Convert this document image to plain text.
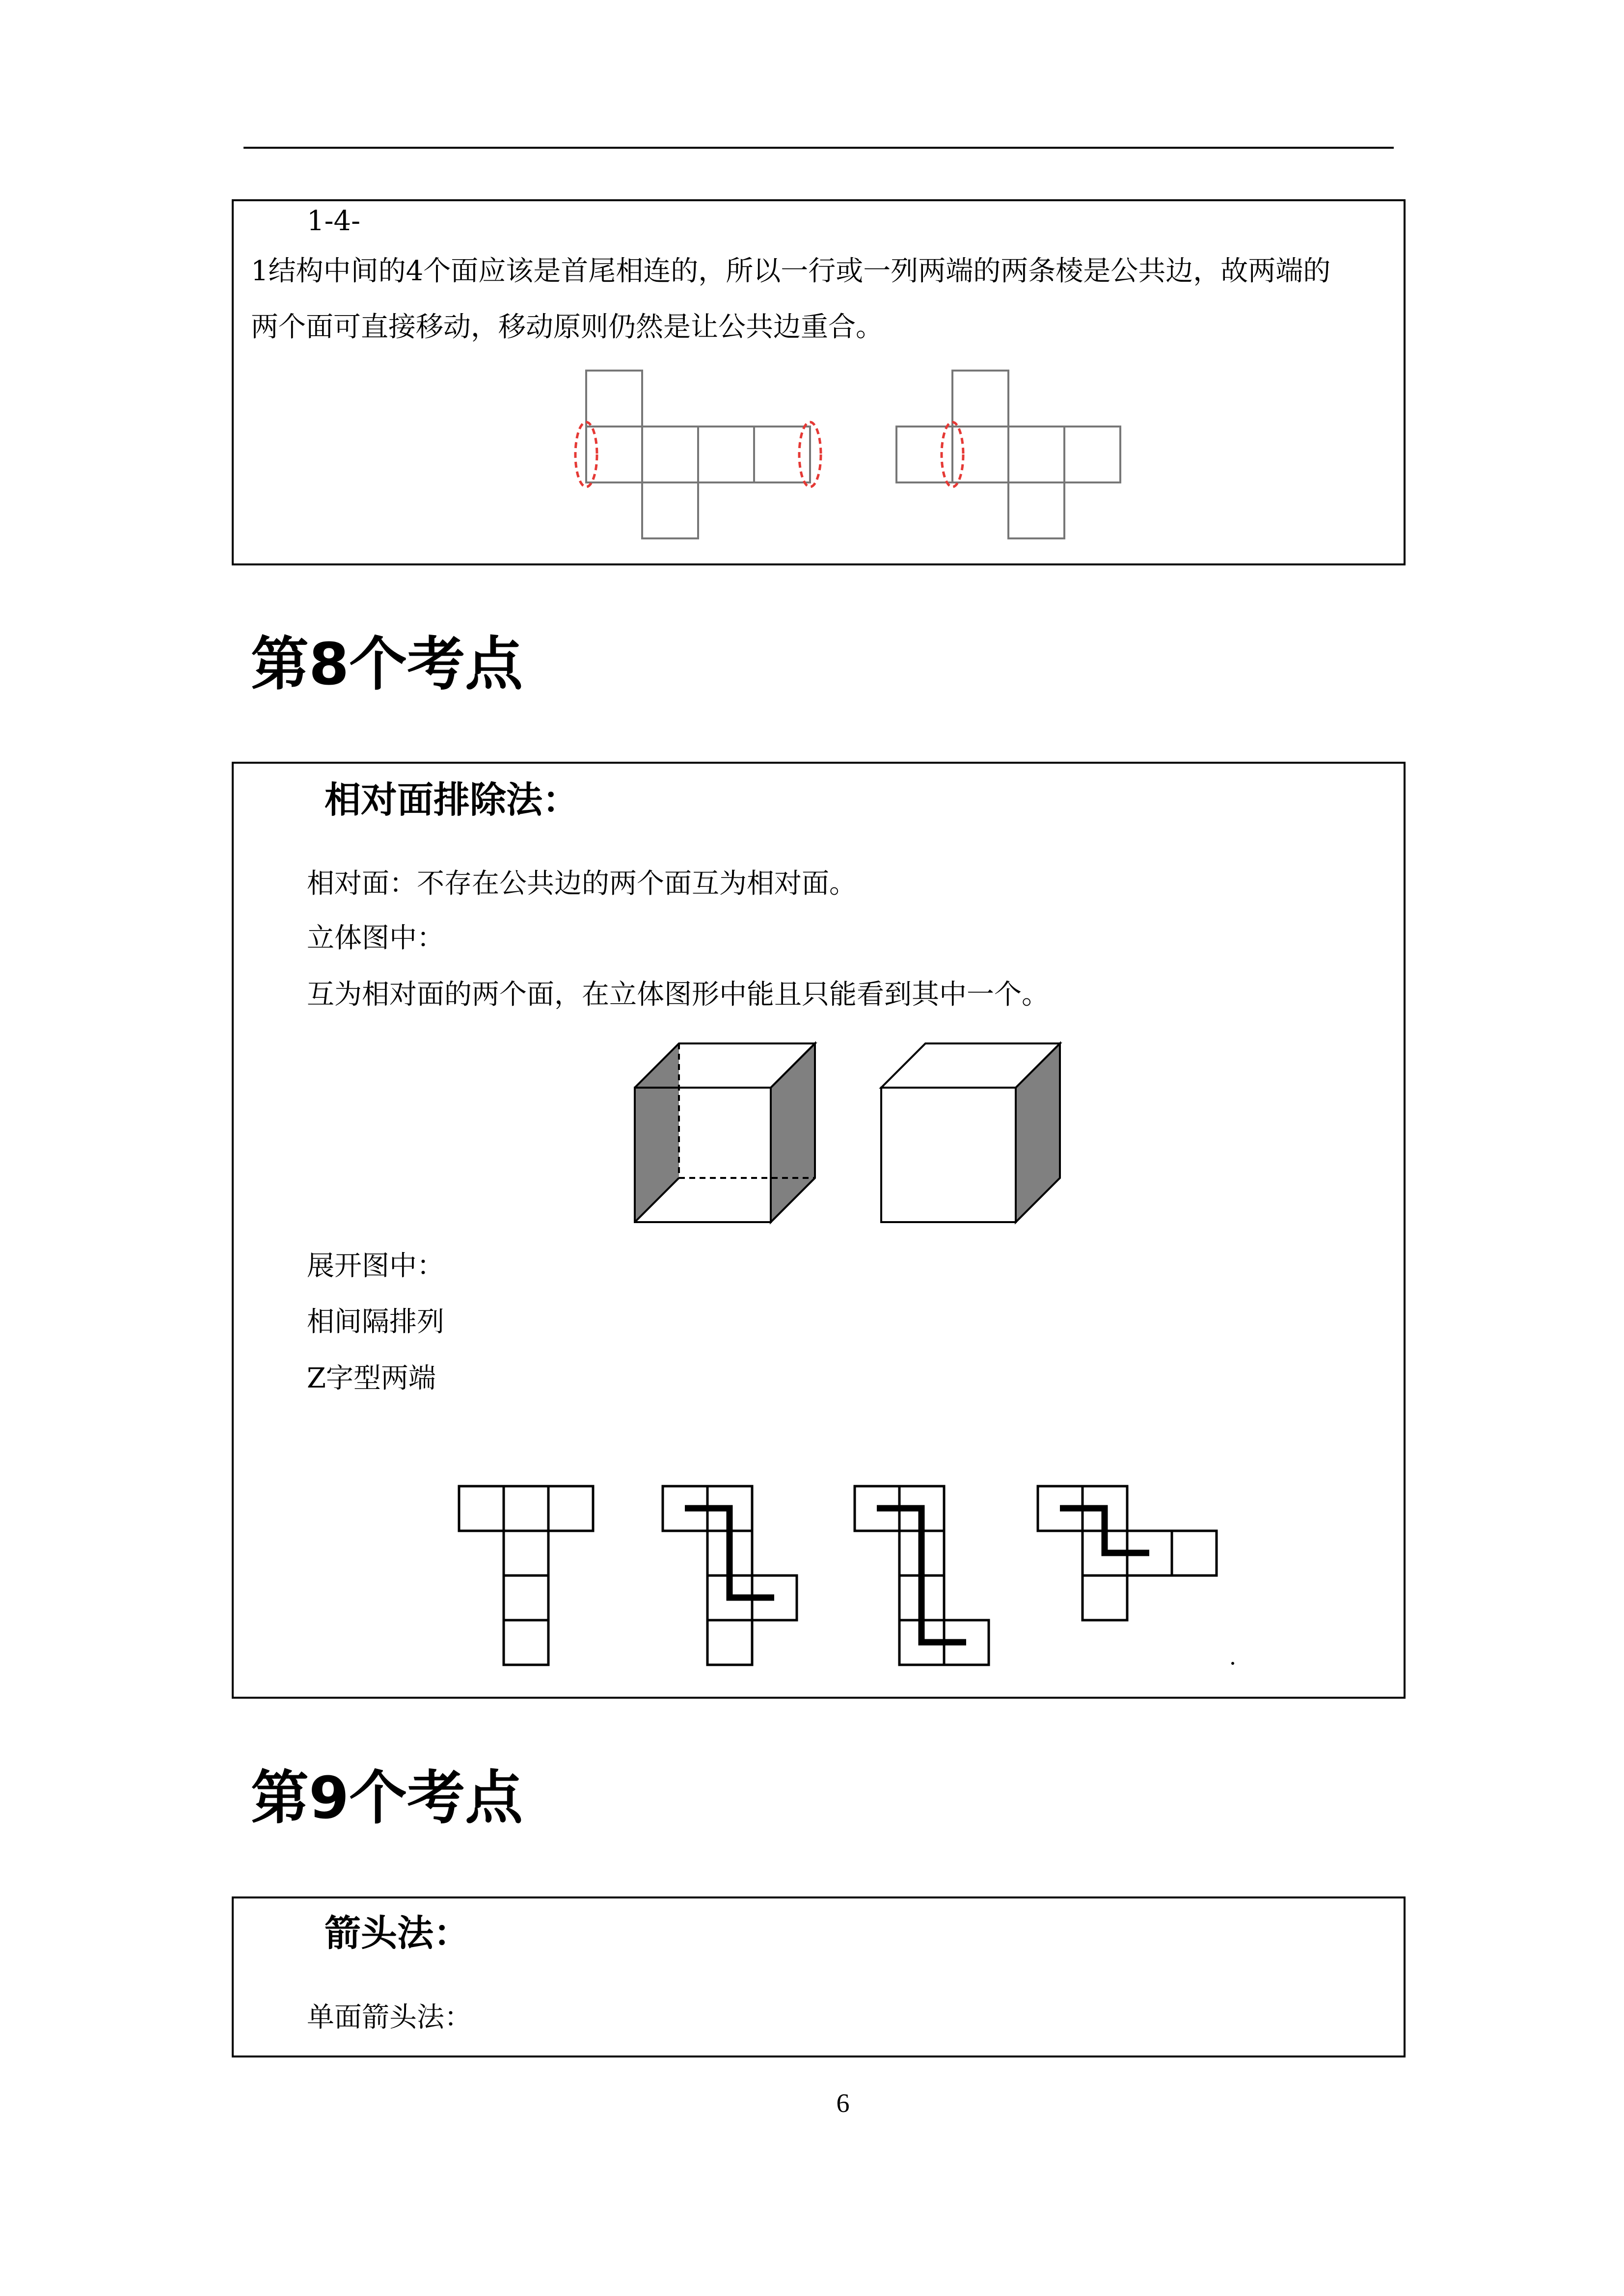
1-4-
1结构中间的4个面应该是首尾相连的，所以一行或一列两端的两条棱是公共边，故两端的
两个面可直接移动，移动原则仍然是让公共边重合。
第8个考点
相对面排除法：
相对面：不存在公共边的两个面互为相对面。
立体图中：
互为相对面的两个面，在立体图形中能且只能看到其中一个。
展开图中：
相间隔排列
Z字型两端
第9个考点
箭头法：
单面箭头法：
6
